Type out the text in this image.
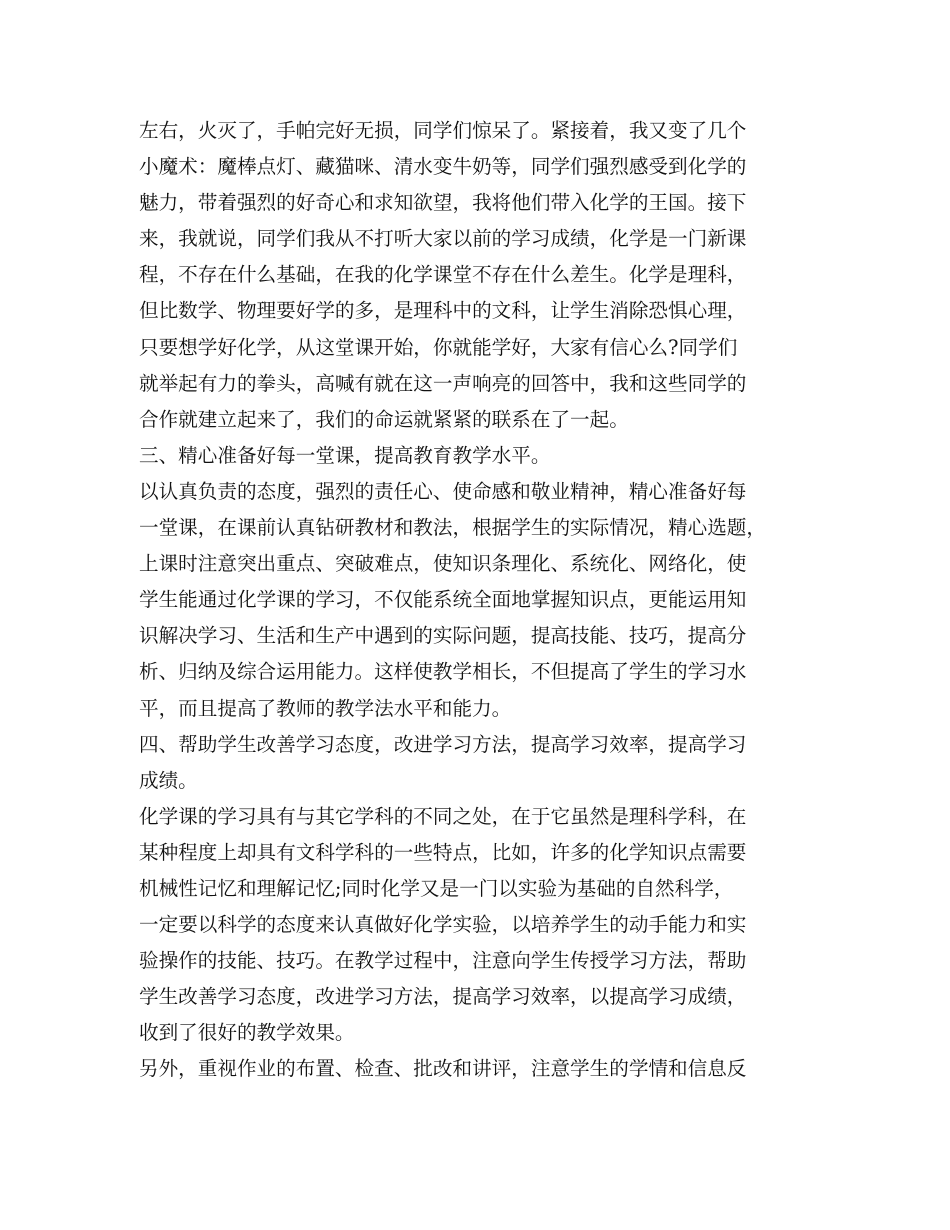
左右，火灭了，手帕完好无损，同学们惊呆了。紧接着，我又变了几个
小魔术：魔棒点灯、藏猫咪、清水变牛奶等，同学们强烈感受到化学的
魅力，带着强烈的好奇心和求知欲望，我将他们带入化学的王国。接下
来，我就说，同学们我从不打听大家以前的学习成绩，化学是一门新课
程，不存在什么基础，在我的化学课堂不存在什么差生。化学是理科，
但比数学、物理要好学的多，是理科中的文科，让学生消除恐惧心理，
只要想学好化学，从这堂课开始，你就能学好，大家有信心么?同学们
就举起有力的拳头，高喊有就在这一声响亮的回答中，我和这些同学的
合作就建立起来了，我们的命运就紧紧的联系在了一起。
三、精心准备好每一堂课，提高教育教学水平。
以认真负责的态度，强烈的责任心、使命感和敬业精神，精心准备好每
一堂课，在课前认真钻研教材和教法，根据学生的实际情况，精心选题，
上课时注意突出重点、突破难点，使知识条理化、系统化、网络化，使
学生能通过化学课的学习，不仅能系统全面地掌握知识点，更能运用知
识解决学习、生活和生产中遇到的实际问题，提高技能、技巧，提高分
析、归纳及综合运用能力。这样使教学相长，不但提高了学生的学习水
平，而且提高了教师的教学法水平和能力。
四、帮助学生改善学习态度，改进学习方法，提高学习效率，提高学习
成绩。
化学课的学习具有与其它学科的不同之处，在于它虽然是理科学科，在
某种程度上却具有文科学科的一些特点，比如，许多的化学知识点需要
机械性记忆和理解记忆;同时化学又是一门以实验为基础的自然科学，
一定要以科学的态度来认真做好化学实验，以培养学生的动手能力和实
验操作的技能、技巧。在教学过程中，注意向学生传授学习方法，帮助
学生改善学习态度，改进学习方法，提高学习效率，以提高学习成绩，
收到了很好的教学效果。
另外，重视作业的布置、检查、批改和讲评，注意学生的学情和信息反
